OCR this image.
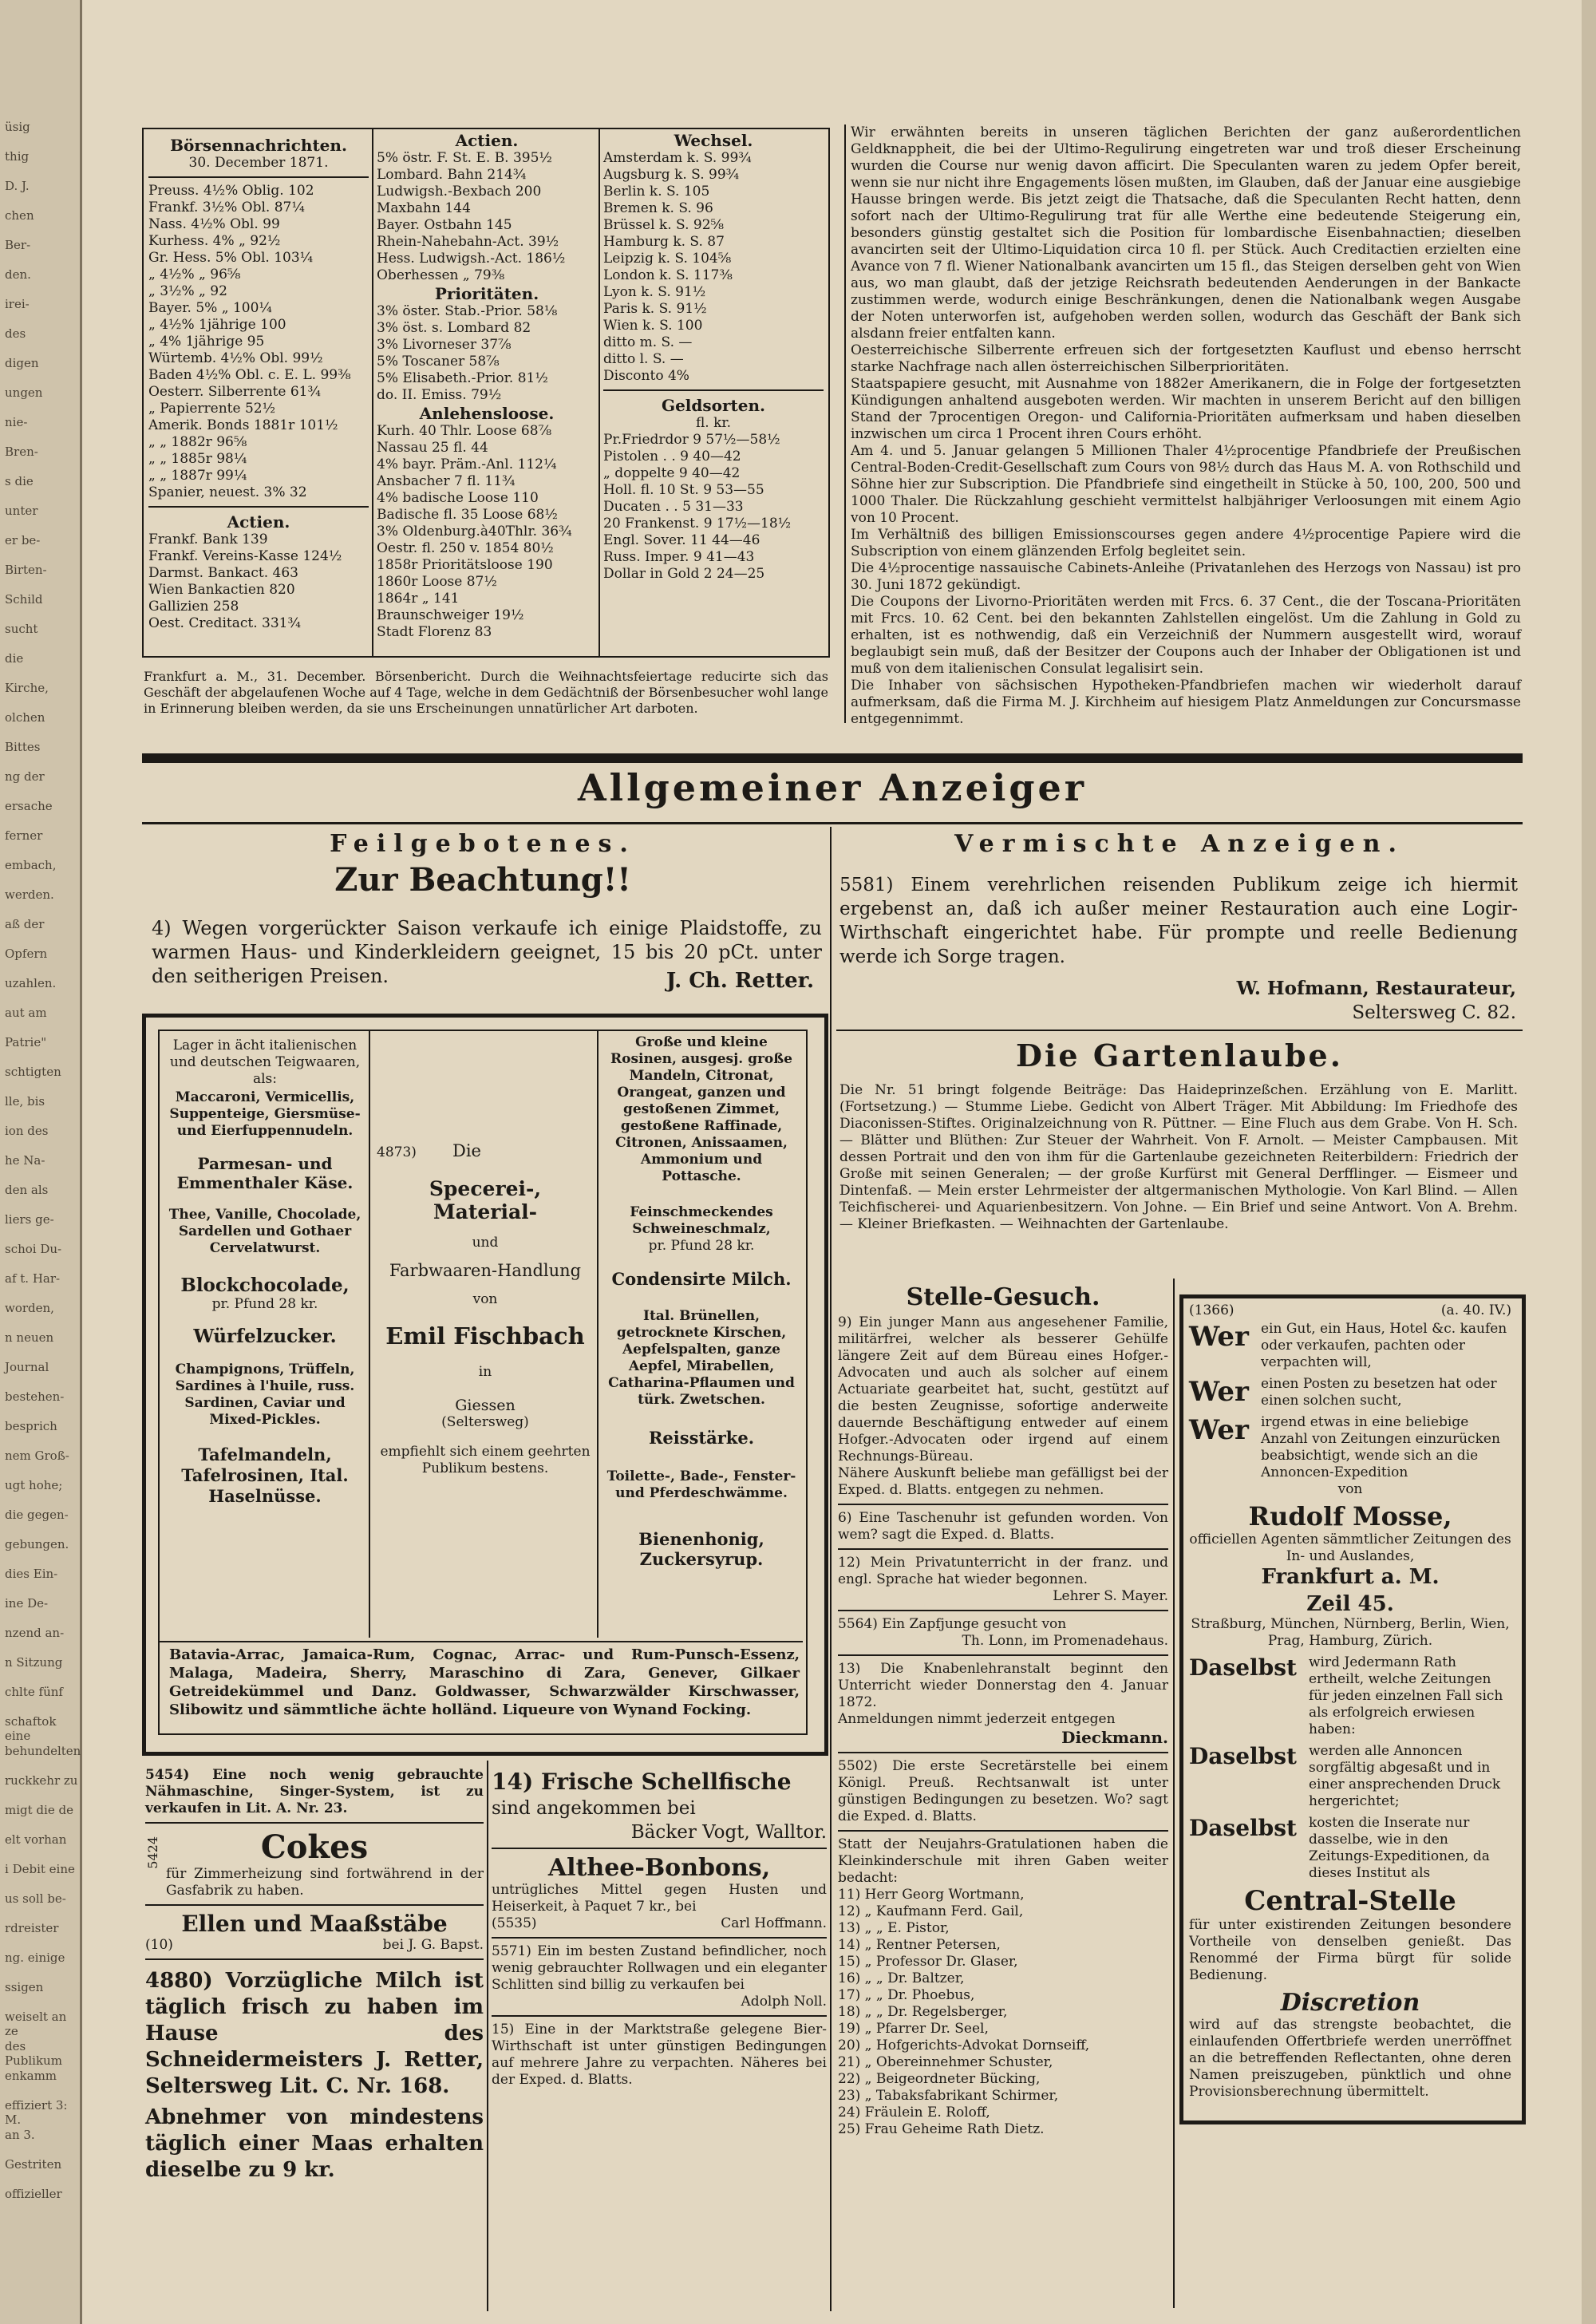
üsig
thig
D. J.
chen
Ber-
den.
irei-
des
digen
ungen
nie-
Bren-
s die
unter
er be-
Birten-
Schild
sucht
die
Kirche,
olchen
Bittes
ng der
ersache
ferner
embach,
werden.
aß der
Opfern
uzahlen.
aut am
Patrie"
schtigten
lle, bis
ion des
he Na-
den als
liers ge-
schoi Du-
af t. Har-
worden,
n neuen
Journal
bestehen-
besprich
nem Groß-
ugt hohe;
die gegen-
gebungen.
dies Ein-
ine De-
nzend an-
n Sitzung
chlte fünf
schaftok eine
behundelten
ruckkehr zu
migt die de
elt vorhan
i Debit eine
us soll be-
rdreister
ng. einige
ssigen
weiselt an ze
des Publikum
enkamm
effiziert 3: M.
an 3.
Gestriten
offizieller
Börsennachrichten.
30. December 1871.
Preuss. 4½% Oblig. 102
Frankf. 3½% Obl. 87¼
Nass. 4½% Obl. 99
Kurhess. 4% „ 92½
Gr. Hess. 5% Obl. 103¼
„ 4½% „ 96⅝
„ 3½% „ 92
Bayer. 5% „ 100¼
„ 4½% 1jährige 100
„ 4% 1jährige 95
Würtemb. 4½% Obl. 99½
Baden 4½% Obl. c. E. L. 99⅜
Oesterr. Silberrente 61¾
„ Papierrente 52½
Amerik. Bonds 1881r 101½
„ „ 1882r 96⅝
„ „ 1885r 98¼
„ „ 1887r 99¼
Spanier, neuest. 3% 32
Actien.
Frankf. Bank 139
Frankf. Vereins-Kasse 124½
Darmst. Bankact. 463
Wien Bankactien 820
Gallizien 258
Oest. Creditact. 331¾
Actien.
5% östr. F. St. E. B. 395½
Lombard. Bahn 214¾
Ludwigsh.-Bexbach 200
Maxbahn 144
Bayer. Ostbahn 145
Rhein-Nahebahn-Act. 39½
Hess. Ludwigsh.-Act. 186½
Oberhessen „ 79⅜
Prioritäten.
3% öster. Stab.-Prior. 58⅛
3% öst. s. Lombard 82
3% Livorneser 37⅞
5% Toscaner 58⅞
5% Elisabeth.-Prior. 81½
do. II. Emiss. 79½
Anlehensloose.
Kurh. 40 Thlr. Loose 68⅞
Nassau 25 fl. 44
4% bayr. Präm.-Anl. 112¼
Ansbacher 7 fl. 11¾
4% badische Loose 110
Badische fl. 35 Loose 68½
3% Oldenburg.à40Thlr. 36¾
Oestr. fl. 250 v. 1854 80½
1858r Prioritätsloose 190
1860r Loose 87½
1864r „ 141
Braunschweiger 19½
Stadt Florenz 83
Wechsel.
Amsterdam k. S. 99¾
Augsburg k. S. 99¾
Berlin k. S. 105
Bremen k. S. 96
Brüssel k. S. 92⅝
Hamburg k. S. 87
Leipzig k. S. 104⅝
London k. S. 117⅜
Lyon k. S. 91½
Paris k. S. 91½
Wien k. S. 100
ditto m. S. —
ditto l. S. —
Disconto 4%
Geldsorten.
fl. kr.
Pr.Friedrdor 9 57½—58½
Pistolen . . 9 40—42
„ doppelte 9 40—42
Holl. fl. 10 St. 9 53—55
Ducaten . . 5 31—33
20 Frankenst. 9 17½—18½
Engl. Sover. 11 44—46
Russ. Imper. 9 41—43
Dollar in Gold 2 24—25
Frankfurt a. M., 31. December. Börsenbericht. Durch die Weihnachtsfeiertage reducirte sich das Geschäft der abgelaufenen Woche auf 4 Tage, welche in dem Gedächtniß der Börsenbesucher wohl lange in Erinnerung bleiben werden, da sie uns Erscheinungen unnatürlicher Art darboten.
Wir erwähnten bereits in unseren täglichen Berichten der ganz außerordentlichen Geldknappheit, die bei der Ultimo-Regulirung eingetreten war und troß dieser Erscheinung wurden die Course nur wenig davon afficirt. Die Speculanten waren zu jedem Opfer bereit, wenn sie nur nicht ihre Engagements lösen mußten, im Glauben, daß der Januar eine ausgiebige Hausse bringen werde. Bis jetzt zeigt die Thatsache, daß die Speculanten Recht hatten, denn sofort nach der Ultimo-Regulirung trat für alle Werthe eine bedeutende Steigerung ein, besonders günstig gestaltet sich die Position für lombardische Eisenbahnactien; dieselben avancirten seit der Ultimo-Liquidation circa 10 fl. per Stück. Auch Creditactien erzielten eine Avance von 7 fl. Wiener Nationalbank avancirten um 15 fl., das Steigen derselben geht von Wien aus, wo man glaubt, daß der jetzige Reichsrath bedeutenden Aenderungen in der Bankacte zustimmen werde, wodurch einige Beschränkungen, denen die Nationalbank wegen Ausgabe der Noten unterworfen ist, aufgehoben werden sollen, wodurch das Geschäft der Bank sich alsdann freier entfalten kann.
Oesterreichische Silberrente erfreuen sich der fortgesetzten Kauflust und ebenso herrscht starke Nachfrage nach allen österreichischen Silberprioritäten.
Staatspapiere gesucht, mit Ausnahme von 1882er Amerikanern, die in Folge der fortgesetzten Kündigungen anhaltend ausgeboten werden. Wir machten in unserem Bericht auf den billigen Stand der 7procentigen Oregon- und California-Prioritäten aufmerksam und haben dieselben inzwischen um circa 1 Procent ihren Cours erhöht.
Am 4. und 5. Januar gelangen 5 Millionen Thaler 4½procentige Pfandbriefe der Preußischen Central-Boden-Credit-Gesellschaft zum Cours von 98½ durch das Haus M. A. von Rothschild und Söhne hier zur Subscription. Die Pfandbriefe sind eingetheilt in Stücke à 50, 100, 200, 500 und 1000 Thaler. Die Rückzahlung geschieht vermittelst halbjähriger Verloosungen mit einem Agio von 10 Procent.
Im Verhältniß des billigen Emissionscourses gegen andere 4½procentige Papiere wird die Subscription von einem glänzenden Erfolg begleitet sein.
Die 4½procentige nassauische Cabinets-Anleihe (Privatanlehen des Herzogs von Nassau) ist pro 30. Juni 1872 gekündigt.
Die Coupons der Livorno-Prioritäten werden mit Frcs. 6. 37 Cent., die der Toscana-Prioritäten mit Frcs. 10. 62 Cent. bei den bekannten Zahlstellen eingelöst. Um die Zahlung in Gold zu erhalten, ist es nothwendig, daß ein Verzeichniß der Nummern ausgestellt wird, worauf beglaubigt sein muß, daß der Besitzer der Coupons auch der Inhaber der Obligationen ist und muß von dem italienischen Consulat legalisirt sein.
Die Inhaber von sächsischen Hypotheken-Pfandbriefen machen wir wiederholt darauf aufmerksam, daß die Firma M. J. Kirchheim auf hiesigem Platz Anmeldungen zur Concursmasse entgegennimmt.
Allgemeiner Anzeiger
Feilgebotenes.
Zur Beachtung!!
4) Wegen vorgerückter Saison verkaufe ich einige Plaidstoffe, zu warmen Haus- und Kinderkleidern geeignet, 15 bis 20 pCt. unter den seitherigen Preisen.	J. Ch. Retter.
Lager in ächt italienischen und deutschen Teigwaaren, als:
Maccaroni, Vermicellis, Suppenteige, Giersmüse- und Eierfuppennudeln.
Parmesan- und Emmenthaler Käse.
Thee, Vanille, Chocolade, Sardellen und Gothaer Cervelatwurst.
Blockchocolade,
pr. Pfund 28 kr.
Würfelzucker.
Champignons, Trüffeln, Sardines à l'huile, russ. Sardinen, Caviar und Mixed-Pickles.
Tafelmandeln, Tafelrosinen, Ital. Haselnüsse.
4873) Die
Specerei-, Material-
und
Farbwaaren-Handlung
von
Emil Fischbach
in
Giessen
(Seltersweg)
empfiehlt sich einem geehrten Publikum bestens.
Große und kleine Rosinen, ausgesj. große Mandeln, Citronat, Orangeat, ganzen und gestoßenen Zimmet, gestoßene Raffinade, Citronen, Anissaamen, Ammonium und Pottasche.
Feinschmeckendes Schweineschmalz,
pr. Pfund 28 kr.
Condensirte Milch.
Ital. Brünellen, getrocknete Kirschen, Aepfelspalten, ganze Aepfel, Mirabellen, Catharina-Pflaumen und türk. Zwetschen.
Reisstärke.
Toilette-, Bade-, Fenster- und Pferdeschwämme.
Bienenhonig, Zuckersyrup.
Batavia-Arrac, Jamaica-Rum, Cognac, Arrac- und Rum-Punsch-Essenz, Malaga, Madeira, Sherry, Maraschino di Zara, Genever, Gilkaer Getreidekümmel und Danz. Goldwasser, Schwarzwälder Kirschwasser, Slibowitz und sämmtliche ächte holländ. Liqueure von Wynand Focking.
5454) Eine noch wenig gebrauchte Nähmaschine, Singer-System, ist zu verkaufen in Lit. A. Nr. 23.
5424	Cokes
für Zimmerheizung sind fortwährend in der Gasfabrik zu haben.
Ellen und Maaßstäbe
(10)	bei J. G. Bapst.
4880) Vorzügliche Milch ist täglich frisch zu haben im Hause des Schneidermeisters J. Retter, Seltersweg Lit. C. Nr. 168.
Abnehmer von mindestens täglich einer Maas erhalten dieselbe zu 9 kr.
14) Frische Schellfische
sind angekommen bei
Bäcker Vogt, Walltor.
Althee-Bonbons,
untrügliches Mittel gegen Husten und Heiserkeit, à Paquet 7 kr., bei
(5535)	Carl Hoffmann.
5571) Ein im besten Zustand befindlicher, noch wenig gebrauchter Rollwagen und ein eleganter Schlitten sind billig zu verkaufen bei
Adolph Noll.
15) Eine in der Marktstraße gelegene Bier-Wirthschaft ist unter günstigen Bedingungen auf mehrere Jahre zu verpachten. Näheres bei der Exped. d. Blatts.
Vermischte Anzeigen.
5581) Einem verehrlichen reisenden Publikum zeige ich hiermit ergebenst an, daß ich außer meiner Restauration auch eine Logir-Wirthschaft eingerichtet habe. Für prompte und reelle Bedienung werde ich Sorge tragen.
W. Hofmann, Restaurateur,
Seltersweg C. 82.
Die Gartenlaube.
Die Nr. 51 bringt folgende Beiträge: Das Haideprinzeßchen. Erzählung von E. Marlitt. (Fortsetzung.) — Stumme Liebe. Gedicht von Albert Träger. Mit Abbildung: Im Friedhofe des Diaconissen-Stiftes. Originalzeichnung von R. Püttner. — Eine Fluch aus dem Grabe. Von H. Sch. — Blätter und Blüthen: Zur Steuer der Wahrheit. Von F. Arnolt. — Meister Campbausen. Mit dessen Portrait und den von ihm für die Gartenlaube gezeichneten Reiterbildern: Friedrich der Große mit seinen Generalen; — der große Kurfürst mit General Derfflinger. — Eismeer und Dintenfaß. — Mein erster Lehrmeister der altgermanischen Mythologie. Von Karl Blind. — Allen Teichfischerei- und Aquarienbesitzern. Von Johne. — Ein Brief und seine Antwort. Von A. Brehm. — Kleiner Briefkasten. — Weihnachten der Gartenlaube.
Stelle-Gesuch.
9) Ein junger Mann aus angesehener Familie, militärfrei, welcher als besserer Gehülfe längere Zeit auf dem Büreau eines Hofger.-Advocaten und auch als solcher auf einem Actuariate gearbeitet hat, sucht, gestützt auf die besten Zeugnisse, sofortige anderweite dauernde Beschäftigung entweder auf einem Hofger.-Advocaten oder irgend auf einem Rechnungs-Büreau.
Nähere Auskunft beliebe man gefälligst bei der Exped. d. Blatts. entgegen zu nehmen.
6) Eine Taschenuhr ist gefunden worden. Von wem? sagt die Exped. d. Blatts.
12) Mein Privatunterricht in der franz. und engl. Sprache hat wieder begonnen.
Lehrer S. Mayer.
5564) Ein Zapfjunge gesucht von
Th. Lonn, im Promenadehaus.
13) Die Knabenlehranstalt beginnt den Unterricht wieder Donnerstag den 4. Januar 1872.
Anmeldungen nimmt jederzeit entgegen
Dieckmann.
5502) Die erste Secretärstelle bei einem Königl. Preuß. Rechtsanwalt ist unter günstigen Bedingungen zu besetzen. Wo? sagt die Exped. d. Blatts.
Statt der Neujahrs-Gratulationen haben die Kleinkinderschule mit ihren Gaben weiter bedacht:
11) Herr Georg Wortmann,
12) „ Kaufmann Ferd. Gail,
13) „ „ E. Pistor,
14) „ Rentner Petersen,
15) „ Professor Dr. Glaser,
16) „ „ Dr. Baltzer,
17) „ „ Dr. Phoebus,
18) „ „ Dr. Regelsberger,
19) „ Pfarrer Dr. Seel,
20) „ Hofgerichts-Advokat Dornseiff,
21) „ Obereinnehmer Schuster,
22) „ Beigeordneter Bücking,
23) „ Tabaksfabrikant Schirmer,
24) Fräulein E. Roloff,
25) Frau Geheime Rath Dietz.
(1366)	(a. 40. IV.)
Wer ein Gut, ein Haus, Hotel &c. kaufen oder verkaufen, pachten oder verpachten will,
Wer einen Posten zu besetzen hat oder einen solchen sucht,
Wer irgend etwas in eine beliebige Anzahl von Zeitungen einzurücken beabsichtigt, wende sich an die Annoncen-Expedition
von
Rudolf Mosse,
officiellen Agenten sämmtlicher Zeitungen des In- und Auslandes,
Frankfurt a. M.
Zeil 45.
Straßburg, München, Nürnberg, Berlin, Wien, Prag, Hamburg, Zürich.
Daselbst wird Jedermann Rath ertheilt, welche Zeitungen für jeden einzelnen Fall sich als erfolgreich erwiesen haben:
Daselbst werden alle Annoncen sorgfältig abgesaßt und in einer ansprechenden Druck hergerichtet;
Daselbst kosten die Inserate nur dasselbe, wie in den Zeitungs-Expeditionen, da dieses Institut als
Central-Stelle
für unter existirenden Zeitungen besondere Vortheile von denselben genießt. Das Renommé der Firma bürgt für solide Bedienung.
Discretion
wird auf das strengste beobachtet, die einlaufenden Offertbriefe werden unerröffnet an die betreffenden Reflectanten, ohne deren Namen preiszugeben, pünktlich und ohne Provisionsberechnung übermittelt.
